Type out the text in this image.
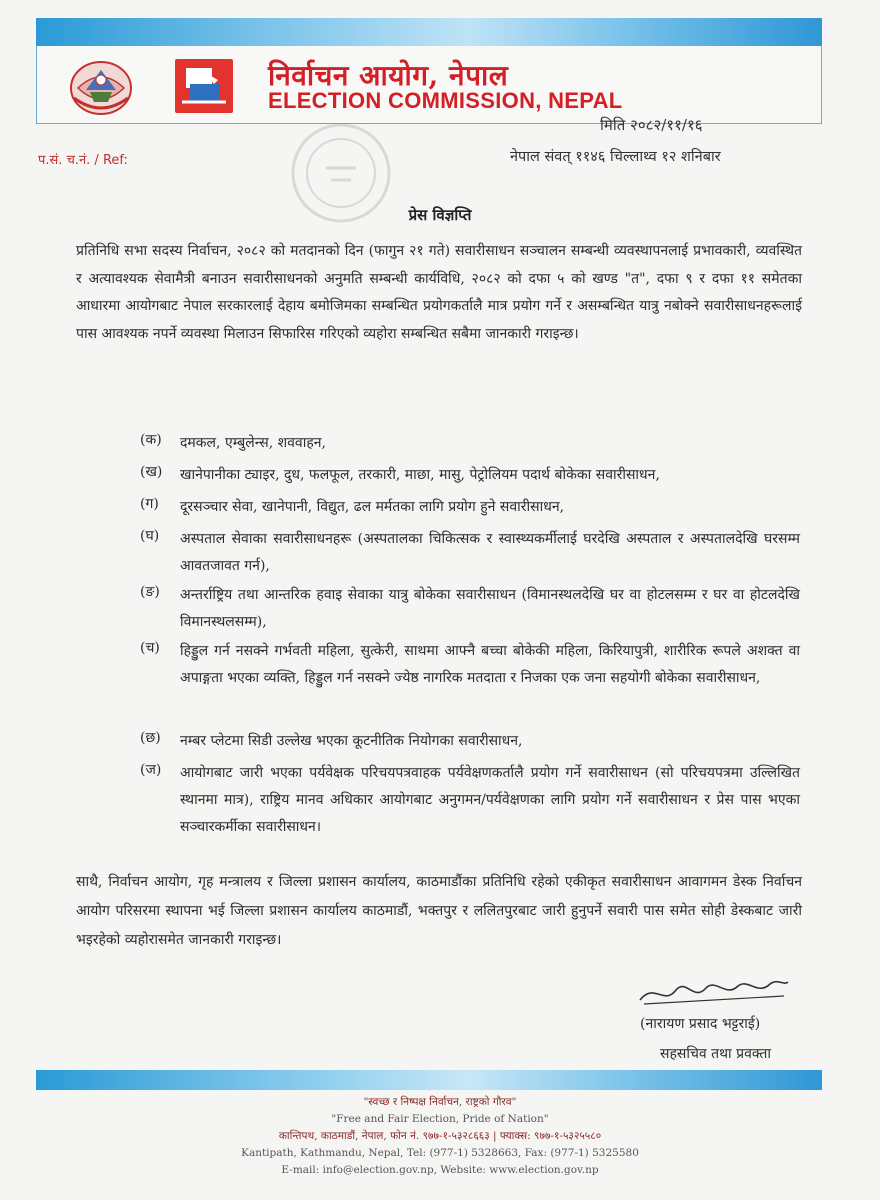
निर्वाचन आयोग, नेपाल
ELECTION COMMISSION, NEPAL
मिति २०८२/११/१६
प.सं. च.नं. / Ref:	नेपाल संवत् ११४६ चिल्लाथ्व १२ शनिबार
प्रेस विज्ञप्ति
प्रतिनिधि सभा सदस्य निर्वाचन, २०८२ को मतदानको दिन (फागुन २१ गते) सवारीसाधन सञ्चालन सम्बन्धी व्यवस्थापनलाई प्रभावकारी, व्यवस्थित र अत्यावश्यक सेवामैत्री बनाउन सवारीसाधनको अनुमति सम्बन्धी कार्यविधि, २०८२ को दफा ५ को खण्ड "त", दफा ९ र दफा ११ समेतका आधारमा आयोगबाट नेपाल सरकारलाई देहाय बमोजिमका सम्बन्धित प्रयोगकर्तालै मात्र प्रयोग गर्ने र असम्बन्धित यात्रु नबोक्ने सवारीसाधनहरूलाई पास आवश्यक नपर्ने व्यवस्था मिलाउन सिफारिस गरिएको व्यहोरा सम्बन्धित सबैमा जानकारी गराइन्छ।
(क)	दमकल, एम्बुलेन्स, शववाहन,
(ख)	खानेपानीका ट्याइर, दुध, फलफूल, तरकारी, माछा, मासु, पेट्रोलियम पदार्थ बोकेका सवारीसाधन,
(ग)	दूरसञ्चार सेवा, खानेपानी, विद्युत, ढल मर्मतका लागि प्रयोग हुने सवारीसाधन,
(घ)	अस्पताल सेवाका सवारीसाधनहरू (अस्पतालका चिकित्सक र स्वास्थ्यकर्मीलाई घरदेखि अस्पताल र अस्पतालदेखि घरसम्म आवतजावत गर्न),
(ङ)	अन्तर्राष्ट्रिय तथा आन्तरिक हवाइ सेवाका यात्रु बोकेका सवारीसाधन (विमानस्थलदेखि घर वा होटलसम्म र घर वा होटलदेखि विमानस्थलसम्म),
(च)	हिड्डुल गर्न नसक्ने गर्भवती महिला, सुत्केरी, साथमा आफ्नै बच्चा बोकेकी महिला, किरियापुत्री, शारीरिक रूपले अशक्त वा अपाङ्गता भएका व्यक्ति, हिड्डुल गर्न नसक्ने ज्येष्ठ नागरिक मतदाता र निजका एक जना सहयोगी बोकेका सवारीसाधन,
(छ)	नम्बर प्लेटमा सिडी उल्लेख भएका कूटनीतिक नियोगका सवारीसाधन,
(ज)	आयोगबाट जारी भएका पर्यवेक्षक परिचयपत्रवाहक पर्यवेक्षणकर्तालै प्रयोग गर्ने सवारीसाधन (सो परिचयपत्रमा उल्लिखित स्थानमा मात्र), राष्ट्रिय मानव अधिकार आयोगबाट अनुगमन/पर्यवेक्षणका लागि प्रयोग गर्ने सवारीसाधन र प्रेस पास भएका सञ्चारकर्मीका सवारीसाधन।
साथै, निर्वाचन आयोग, गृह मन्त्रालय र जिल्ला प्रशासन कार्यालय, काठमाडौंका प्रतिनिधि रहेको एकीकृत सवारीसाधन आवागमन डेस्क निर्वाचन आयोग परिसरमा स्थापना भई जिल्ला प्रशासन कार्यालय काठमाडौं, भक्तपुर र ललितपुरबाट जारी हुनुपर्ने सवारी पास समेत सोही डेस्कबाट जारी भइरहेको व्यहोरासमेत जानकारी गराइन्छ।
(नारायण प्रसाद भट्टराई)
सहसचिव तथा प्रवक्ता
"स्वच्छ र निष्पक्ष निर्वाचन, राष्ट्रको गौरव"
"Free and Fair Election, Pride of Nation"
कान्तिपथ, काठमाडौं, नेपाल, फोन नं. ९७७-१-५३२८६६३ | फ्याक्स: ९७७-१-५३२५५८०
Kantipath, Kathmandu, Nepal, Tel: (977-1) 5328663, Fax: (977-1) 5325580
E-mail: info@election.gov.np, Website: www.election.gov.np
